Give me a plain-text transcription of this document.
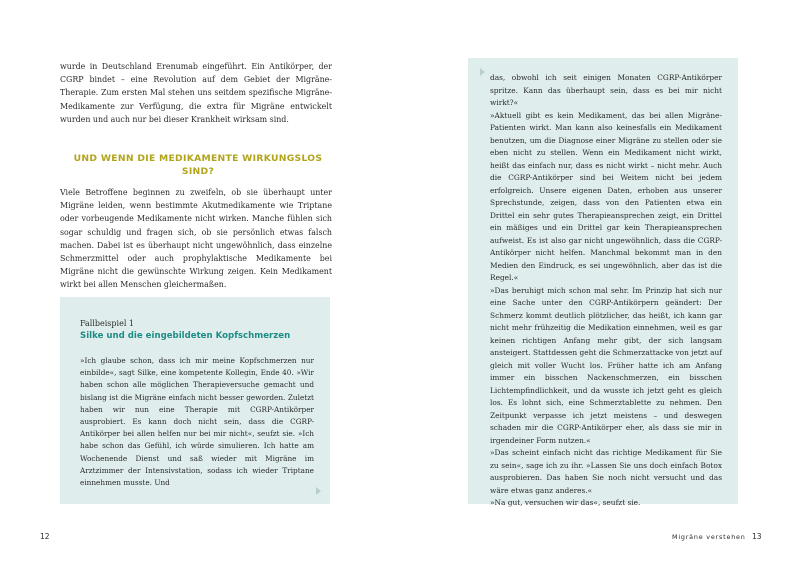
wurde in Deutschland Erenumab eingeführt. Ein Antikörper, der CGRP bindet – eine Revolution auf dem Gebiet der Migräne-Therapie. Zum ersten Mal stehen uns seitdem spezifische Migräne-Medikamente zur Verfügung, die extra für Migräne entwickelt wurden und auch nur bei dieser Krankheit wirksam sind.

UND WENN DIE MEDIKAMENTE WIRKUNGSLOS SIND?

Viele Betroffene beginnen zu zweifeln, ob sie überhaupt unter Migräne leiden, wenn bestimmte Akutmedikamente wie Triptane oder vorbeugende Medikamente nicht wirken. Manche fühlen sich sogar schuldig und fragen sich, ob sie persönlich etwas falsch machen. Dabei ist es überhaupt nicht ungewöhnlich, dass einzelne Schmerzmittel oder auch prophylaktische Medikamente bei Migräne nicht die gewünschte Wirkung zeigen. Kein Medikament wirkt bei allen Menschen gleichermaßen.

Fallbeispiel 1
Silke und die eingebildeten Kopfschmerzen

»Ich glaube schon, dass ich mir meine Kopfschmerzen nur einbilde«, sagt Silke, eine kompetente Kollegin, Ende 40. »Wir haben schon alle möglichen Therapieversuche gemacht und bislang ist die Migräne einfach nicht besser geworden. Zuletzt haben wir nun eine Therapie mit CGRP-Antikörper ausprobiert. Es kann doch nicht sein, dass die CGRP-Antikörper bei allen helfen nur bei mir nicht«, seufzt sie. »Ich habe schon das Gefühl, ich würde simulieren. Ich hatte am Wochenende Dienst und saß wieder mit Migräne im Arztzimmer der Intensivstation, sodass ich wieder Triptane einnehmen musste. Und

12

das, obwohl ich seit einigen Monaten CGRP-Antikörper spritze. Kann das überhaupt sein, dass es bei mir nicht wirkt?«

»Aktuell gibt es kein Medikament, das bei allen Migräne-Patienten wirkt. Man kann also keinesfalls ein Medikament benutzen, um die Diagnose einer Migräne zu stellen oder sie eben nicht zu stellen. Wenn ein Medikament nicht wirkt, heißt das einfach nur, dass es nicht wirkt – nicht mehr. Auch die CGRP-Antikörper sind bei Weitem nicht bei jedem erfolgreich. Unsere eigenen Daten, erhoben aus unserer Sprechstunde, zeigen, dass von den Patienten etwa ein Drittel ein sehr gutes Therapieansprechen zeigt, ein Drittel ein mäßiges und ein Drittel gar kein Therapieansprechen aufweist. Es ist also gar nicht ungewöhnlich, dass die CGRP-Antikörper nicht helfen. Manchmal bekommt man in den Medien den Eindruck, es sei ungewöhnlich, aber das ist die Regel.«

»Das beruhigt mich schon mal sehr. Im Prinzip hat sich nur eine Sache unter den CGRP-Antikörpern geändert: Der Schmerz kommt deutlich plötzlicher, das heißt, ich kann gar nicht mehr frühzeitig die Medikation einnehmen, weil es gar keinen richtigen Anfang mehr gibt, der sich langsam ansteigert. Stattdessen geht die Schmerzattacke von jetzt auf gleich mit voller Wucht los. Früher hatte ich am Anfang immer ein bisschen Nackenschmerzen, ein bisschen Lichtempfindlichkeit, und da wusste ich jetzt geht es gleich los. Es lohnt sich, eine Schmerztablette zu nehmen. Den Zeitpunkt verpasse ich jetzt meistens – und deswegen schaden mir die CGRP-Antikörper eher, als dass sie mir in irgendeiner Form nutzen.«

»Das scheint einfach nicht das richtige Medikament für Sie zu sein«, sage ich zu ihr. »Lassen Sie uns doch einfach Botox ausprobieren. Das haben Sie noch nicht versucht und das wäre etwas ganz anderes.«

»Na gut, versuchen wir das«, seufzt sie.

Migräne verstehen 13
